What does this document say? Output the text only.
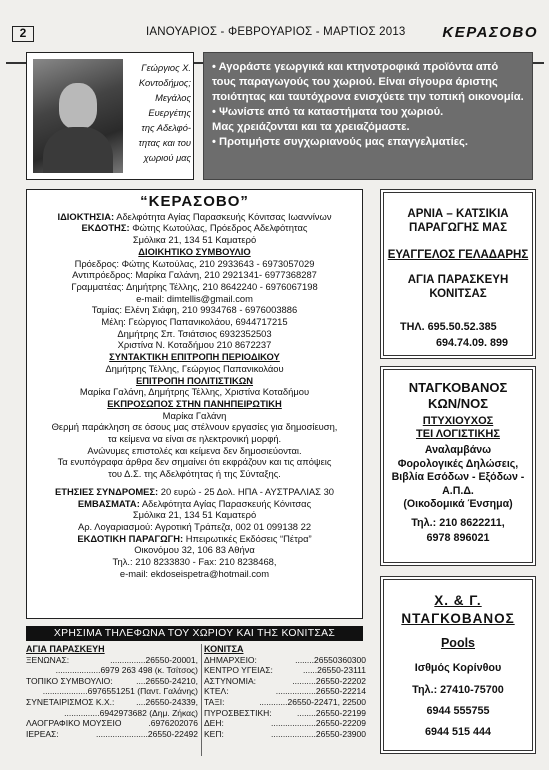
2	ΙΑΝΟΥΑΡΙΟΣ - ΦΕΒΡΟΥΑΡΙΟΣ - ΜΑΡΤΙΟΣ 2013 ΚΕΡΑΣΟΒΟ
Γεώργιος Χ.
Κοντοδήμος;
Μεγάλος
Ευεργέτης
της Αδελφό-
τητας και του
χωριού μας

• Αγοράστε γεωργικά και κτηνοτροφικά προϊόντα από τους παραγωγούς του χωριού. Είναι σίγουρα άριστης ποιότητας και ταυτόχρονα ενισχύετε την τοπική οικονομία.

• Ψωνίστε από τα καταστήματα του χωριού.

Μας χρειάζονται και τα χρειαζόμαστε.

• Προτιμήστε συγχωριανούς μας επαγγελματίες.

“ΚΕΡΑΣΟΒΟ”
ΙΔΙΟΚΤΗΣΙΑ: Αδελφότητα Αγίας Παρασκευής Κόνιτσας Ιωαννίνων
ΕΚΔΟΤΗΣ: Φώτης Κωτούλας, Πρόεδρος Αδελφότητας
Σμόλικα 21, 134 51 Καματερό
ΔΙΟΙΚΗΤΙΚΟ ΣΥΜΒΟΥΛΙΟ
Πρόεδρος: Φώτης Κωτούλας, 210 2933643 - 6973057029
Αντιπρόεδρος: Μαρίκα Γαλάνη, 210 2921341- 6977368287
Γραμματέας: Δημήτρης Τέλλης, 210 8642240 - 6976067198
e-mail: dimtellis@gmail.com
Ταμίας: Ελένη Σιάφη, 210 9934768 - 6976003886
Μέλη: Γεώργιος Παπανικολάου, 6944717215
Δημήτρης Σπ. Τσιάτσιος 6932352503
Χριστίνα Ν. Κοταδήμου 210 8672237
ΣΥΝΤΑΚΤΙΚΗ ΕΠΙΤΡΟΠΗ ΠΕΡΙΟΔΙΚΟΥ
Δημήτρης Τέλλης, Γεώργιος Παπανικολάου
ΕΠΙΤΡΟΠΗ ΠΟΛΙΤΙΣΤΙΚΩΝ
Μαρίκα Γαλάνη, Δημήτρης Τέλλης, Χριστίνα Κοταδήμου
ΕΚΠΡΟΣΩΠΟΣ ΣΤΗΝ ΠΑΝΗΠΕΙΡΩΤΙΚΗ
Μαρίκα Γαλάνη
Θερμή παράκληση σε όσους μας στέλνουν εργασίες για δημοσίευση,
τα κείμενα να είναι σε ηλεκτρονική μορφή.
Ανώνυμες επιστολές και κείμενα δεν δημοσιεύονται.
Τα ενυπόγραφα άρθρα δεν σημαίνει ότι εκφράζουν και τις απόψεις
του Δ.Σ. της Αδελφότητας ή της Σύνταξης.
ΕΤΗΣΙΕΣ ΣΥΝΔΡΟΜΕΣ: 20 ευρώ - 25 Δολ. ΗΠΑ - ΑΥΣΤΡΑΛΙΑΣ 30
ΕΜΒΑΣΜΑΤΑ: Αδελφότητα Αγίας Παρασκευής Κόνιτσας
Σμόλικα 21, 134 51 Καματερό
Αρ. Λογαριασμού: Αγροτική Τράπεζα, 002 01 099138 22
ΕΚΔΟΤΙΚΗ ΠΑΡΑΓΩΓΗ: Ηπειρωτικές Εκδόσεις “Πέτρα”
Οικονόμου 32, 106 83 Αθήνα
Τηλ.: 210 8233830 - Fax: 210 8238468,
e-mail: ekdoseispetra@hotmail.com
ΑΡΝΙΑ – ΚΑΤΣΙΚΙΑ
ΠΑΡΑΓΩΓΗΣ ΜΑΣ
ΕΥΑΓΓΕΛΟΣ ΓΕΛΑΔΑΡΗΣ
ΑΓΙΑ ΠΑΡΑΣΚΕΥΗ
ΚΟΝΙΤΣΑΣ
ΤΗΛ. 695.50.52.385
694.74.09. 899
ΝΤΑΓΚΟΒΑΝΟΣ
ΚΩΝ/ΝΟΣ
ΠΤΥΧΙΟΥΧΟΣ
ΤΕΙ ΛΟΓΙΣΤΙΚΗΣ
Αναλαμβάνω
Φορολογικές Δηλώσεις,
Βιβλία Εσόδων - Εξόδων -
Α.Π.Δ.
(Οικοδομικά Ένσημα)
Τηλ.: 210 8622211,
6978 896021
Χ. & Γ.
ΝΤΑΓΚΟΒΑΝΟΣ
Pools
Ισθμός Κορίνθου
Τηλ.: 27410-75700
6944 555755
6944 515 444
ΧΡΗΣΙΜΑ ΤΗΛΕΦΩΝΑ ΤΟΥ ΧΩΡΙΟΥ ΚΑΙ ΤΗΣ ΚΟΝΙΤΣΑΣ
ΑΓΙΑ ΠΑΡΑΣΚΕΥΗ
ΞΕΝΩΝΑΣ:	...............26550-20001,
...................6979 263 498 (κ. Τσίτσος)
ΤΟΠΙΚΟ ΣΥΜΒΟΥΛΙΟ:	....26550-24210,
...................6976551251 (Παντ. Γαλάνης)
ΣΥΝΕΤΑΙΡΙΣΜΟΣ Κ.Χ.:	....26550-24339,
...............6942973682 (Δημ. Ζήκας)
ΛΑΟΓΡΑΦΙΚΟ ΜΟΥΣΕΙΟ	.6976202076
ΙΕΡΕΑΣ:	......................26550-22492
ΚΟΝΙΤΣΑ
ΔΗΜΑΡΧΕΙΟ:	........26550360300
ΚΕΝΤΡΟ ΥΓΕΙΑΣ:	......26550-23111
ΑΣΤΥΝΟΜΙΑ:	..........26550-22202
ΚΤΕΛ:	.................26550-22214
ΤΑΞΙ:	............26550-22471, 22500
ΠΥΡΟΣΒΕΣΤΙΚΗ:	........26550-22199
ΔΕΗ:	...................26550-22209
ΚΕΠ:	...................26550-23900
